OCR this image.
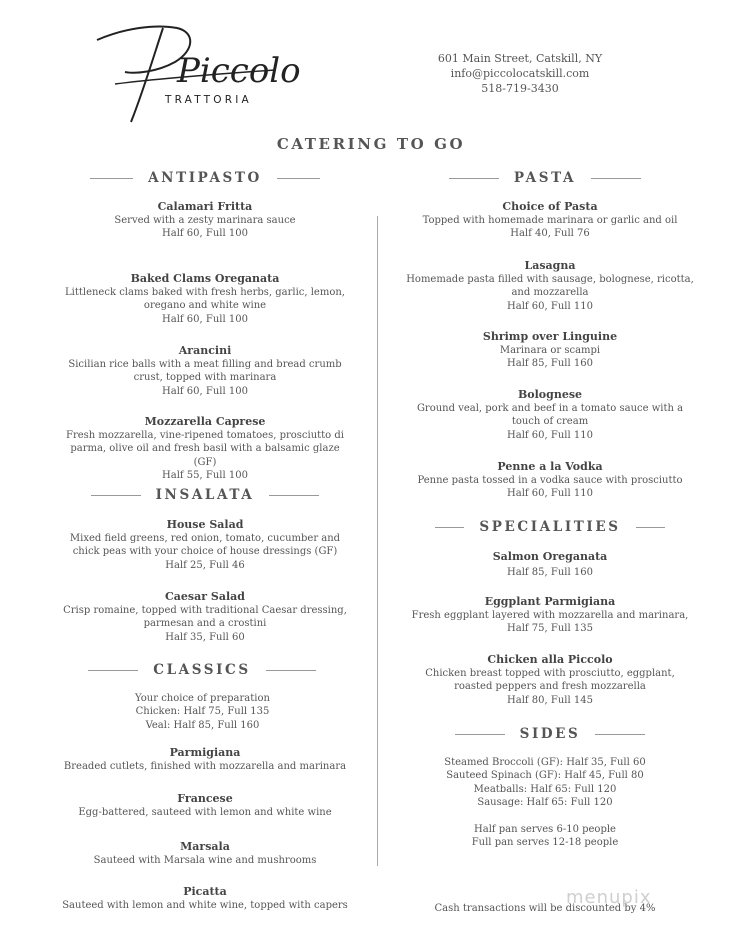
Piccolo
TRATTORIA
601 Main Street, Catskill, NY
info@piccolocatskill.com
518-719-3430
CATERING TO GO
ANTIPASTO
Calamari Fritta
Served with a zesty marinara sauce
Half 60, Full 100
Baked Clams Oreganata
Littleneck clams baked with fresh herbs, garlic, lemon,
oregano and white wine
Half 60, Full 100
Arancini
Sicilian rice balls with a meat filling and bread crumb
crust, topped with marinara
Half 60, Full 100
Mozzarella Caprese
Fresh mozzarella, vine-ripened tomatoes, prosciutto di
parma, olive oil and fresh basil with a balsamic glaze (GF)
Half 55, Full 100
INSALATA
House Salad
Mixed field greens, red onion, tomato, cucumber and
chick peas with your choice of house dressings (GF)
Half 25, Full 46
Caesar Salad
Crisp romaine, topped with traditional Caesar dressing,
parmesan and a crostini
Half 35, Full 60
CLASSICS
Your choice of preparation
Chicken: Half 75, Full 135
Veal: Half 85, Full 160
Parmigiana
Breaded cutlets, finished with mozzarella and marinara
Francese
Egg-battered, sauteed with lemon and white wine
Marsala
Sauteed with Marsala wine and mushrooms
Picatta
Sauteed with lemon and white wine, topped with capers
PASTA
Choice of Pasta
Topped with homemade marinara or garlic and oil
Half 40, Full 76
Lasagna
Homemade pasta filled with sausage, bolognese, ricotta,
and mozzarella
Half 60, Full 110
Shrimp over Linguine
Marinara or scampi
Half 85, Full 160
Bolognese
Ground veal, pork and beef in a tomato sauce with a
touch of cream
Half 60, Full 110
Penne a la Vodka
Penne pasta tossed in a vodka sauce with prosciutto
Half 60, Full 110
SPECIALITIES
Salmon Oreganata
Half 85, Full 160
Eggplant Parmigiana
Fresh eggplant layered with mozzarella and marinara,
Half 75, Full 135
Chicken alla Piccolo
Chicken breast topped with prosciutto, eggplant,
roasted peppers and fresh mozzarella
Half 80, Full 145
SIDES
Steamed Broccoli (GF): Half 35, Full 60
Sauteed Spinach (GF): Half 45, Full 80
Meatballs: Half 65: Full 120
Sausage: Half 65: Full 120
Half pan serves 6-10 people
Full pan serves 12-18 people
Cash transactions will be discounted by 4%
menupix
